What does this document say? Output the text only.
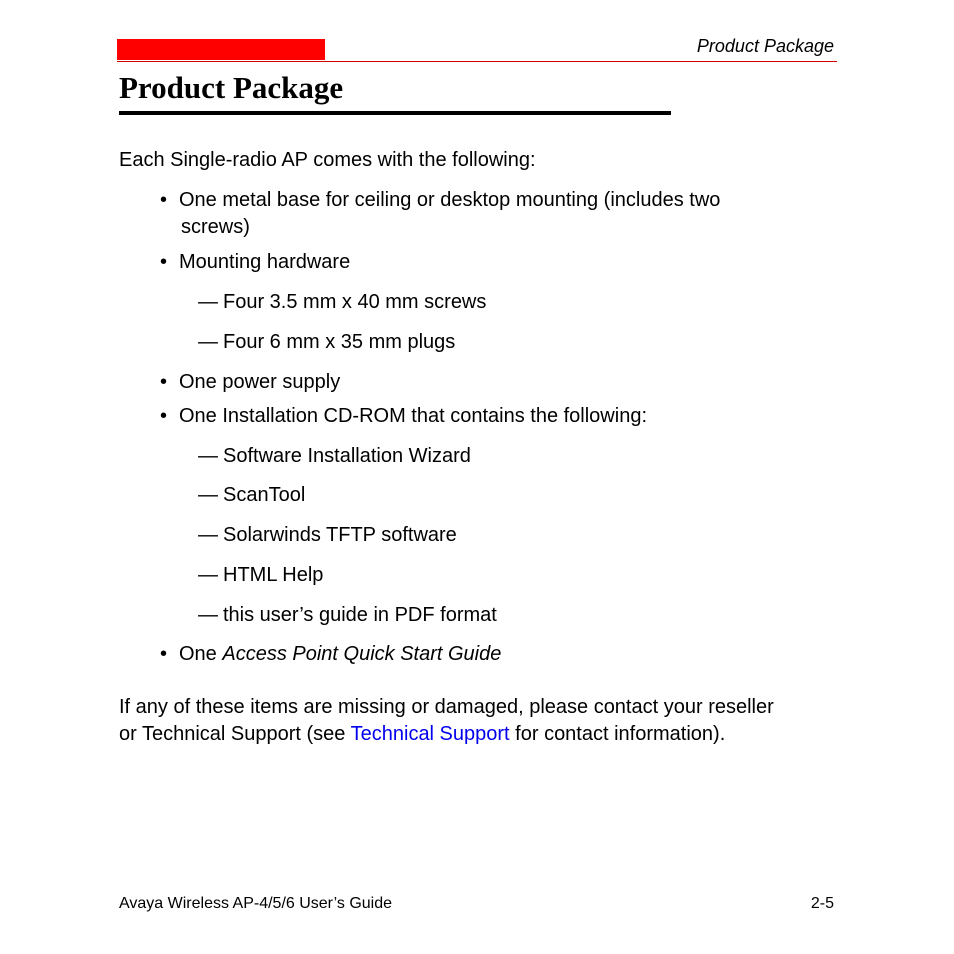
Product Package
Product Package
Each Single-radio AP comes with the following:
• One metal base for ceiling or desktop mounting (includes two
screws)
• Mounting hardware
— Four 3.5 mm x 40 mm screws
— Four 6 mm x 35 mm plugs
• One power supply
• One Installation CD-ROM that contains the following:
— Software Installation Wizard
— ScanTool
— Solarwinds TFTP software
— HTML Help
— this user’s guide in PDF format
• One Access Point Quick Start Guide
If any of these items are missing or damaged, please contact your reseller
or Technical Support (see Technical Support for contact information).
Avaya Wireless AP-4/5/6 User’s Guide	2-5
